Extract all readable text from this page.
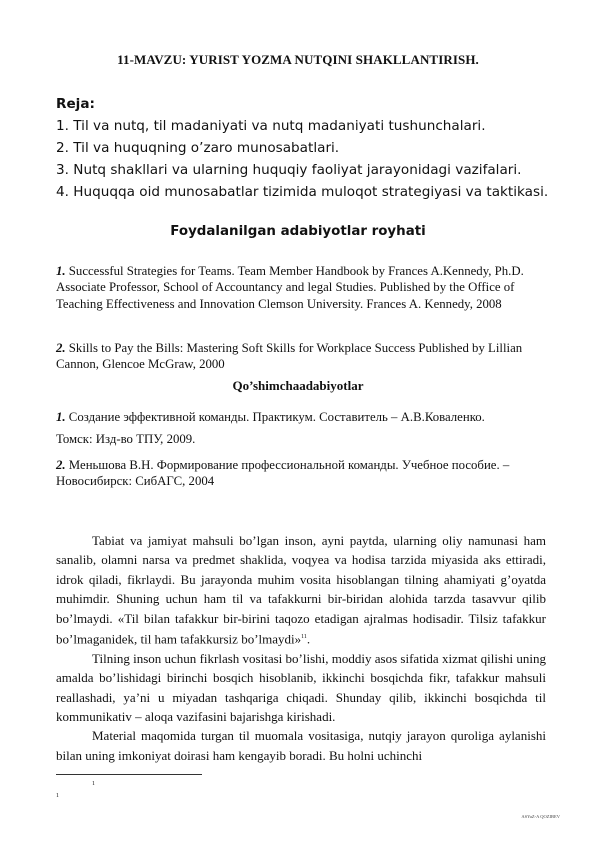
11-MAVZU: YURIST YOZMA NUTQINI SHAKLLANTIRISH.
Reja:
1. Til va nutq, til madaniyati va nutq madaniyati tushunchalari.
2. Til va huquqning o’zaro munosabatlari.
3. Nutq shakllari va ularning huquqiy faoliyat jarayonidagi vazifalari.
4. Huquqqa oid munosabatlar tizimida muloqot strategiyasi va taktikasi.
Foydalanilgan adabiyotlar royhati
1. Successful Strategies for Teams. Team Member Handbook by Frances A.Kennedy, Ph.D. Associate Professor, School of Accountancy and legal Studies. Published by the Office of Teaching Effectiveness and Innovation Clemson University. Frances A. Kennedy, 2008
2. Skills to Pay the Bills: Mastering Soft Skills for Workplace Success Published by Lillian Cannon, Glencoe McGraw, 2000
Qo’shimchaadabiyotlar
1. Создание эффективной команды. Практикум. Составитель – А.В.Коваленко.
Томск: Изд-во ТПУ, 2009.
2. Меньшова В.Н. Формирование профессиональной команды. Учебное пособие. – Новосибирск: СибАГС, 2004

Tabiat va jamiyat mahsuli bo’lgan inson, ayni paytda, ularning oliy namunasi ham sanalib, olamni narsa va predmet shaklida, voqyea va hodisa tarzida miyasida aks ettiradi, idrok qiladi, fikrlaydi. Bu jarayonda muhim vosita hisoblangan tilning ahamiyati g’oyatda muhimdir. Shuning uchun ham til va tafakkurni bir-biridan alohida tarzda tasavvur qilib bo’lmaydi. «Til bilan tafakkur bir-birini taqozo etadigan ajralmas hodisadir. Tilsiz tafakkur bo’lmaganidek, til ham tafakkursiz bo’lmaydi»$^{11}$.

Tilning inson uchun fikrlash vositasi bo’lishi, moddiy asos sifatida xizmat qilishi uning amalda bo’lishidagi birinchi bosqich hisoblanib, ikkinchi bosqichda fikr, tafakkur mahsuli reallashadi, ya’ni u miyadan tashqariga chiqadi. Shunday qilib, ikkinchi bosqichda til kommunikativ – aloqa vazifasini bajarishga kirishadi.

Material maqomida turgan til muomala vositasiga, nutqiy jarayon quroliga aylanishi bilan uning imkoniyat doirasi ham kengayib boradi. Bu holni uchinchi

1
1
ASYaZ-A QOZIBEV
